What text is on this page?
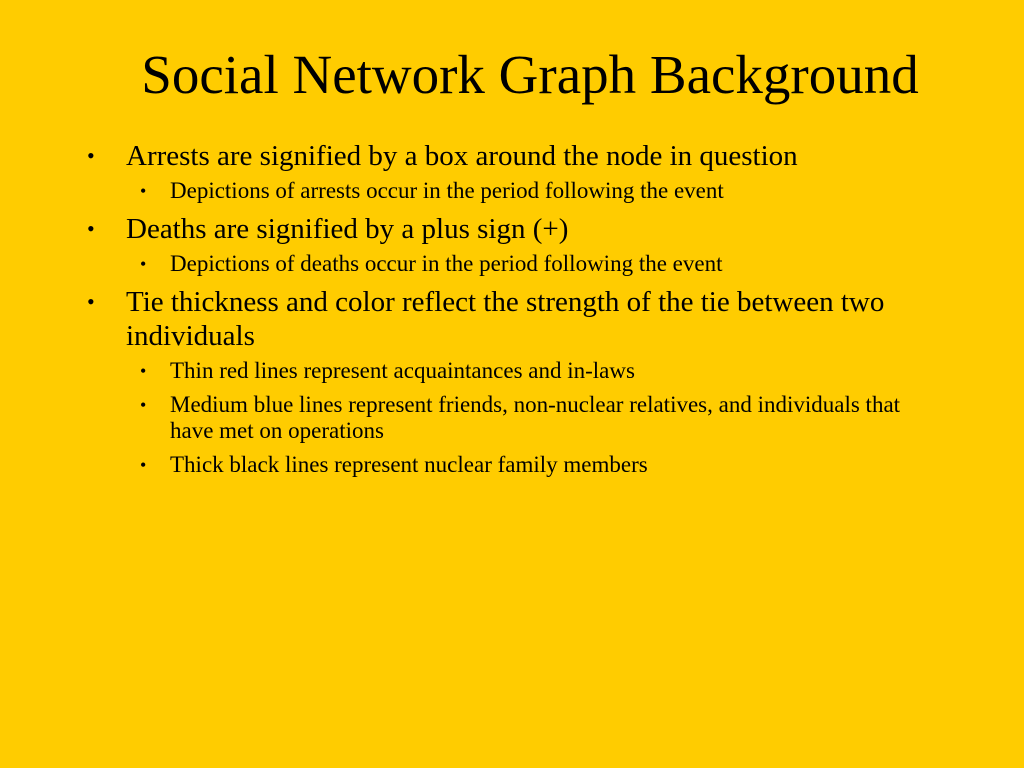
Social Network Graph Background
• Arrests are signified by a box around the node in question
• Depictions of arrests occur in the period following the event
• Deaths are signified by a plus sign (+)
• Depictions of deaths occur in the period following the event
• Tie thickness and color reflect the strength of the tie between two individuals
• Thin red lines represent acquaintances and in-laws
• Medium blue lines represent friends, non-nuclear relatives, and individuals that have met on operations
• Thick black lines represent nuclear family members
